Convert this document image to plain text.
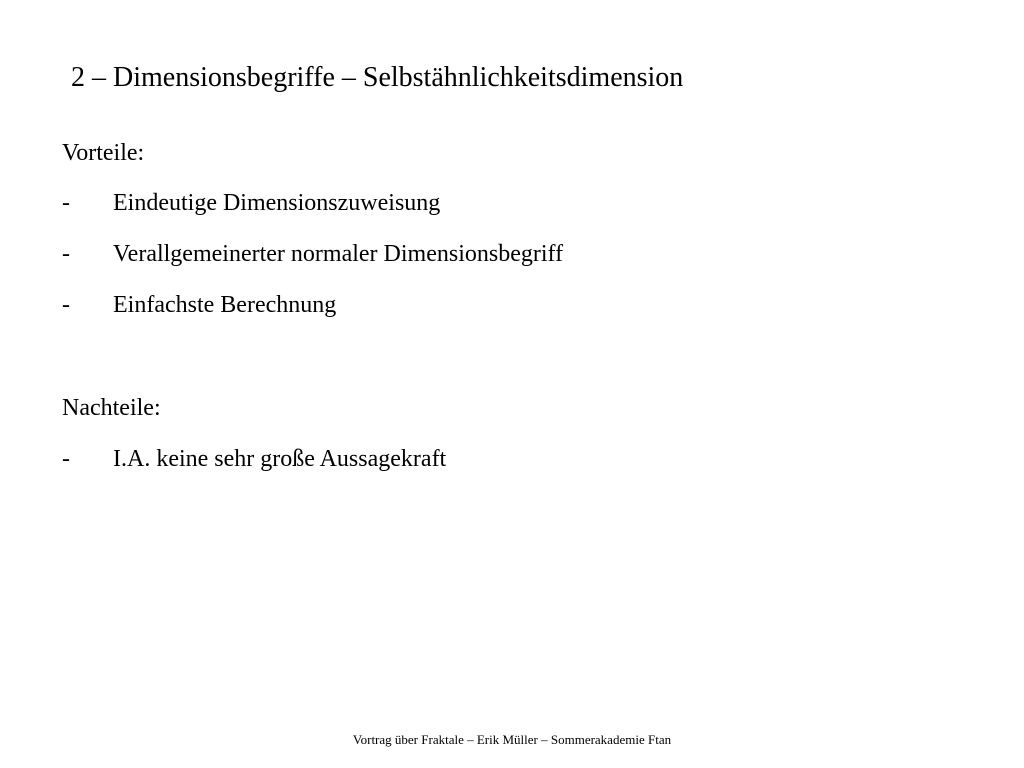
2 – Dimensionsbegriffe – Selbstähnlichkeitsdimension
Vorteile:
- Eindeutige Dimensionszuweisung
- Verallgemeinerter normaler Dimensionsbegriff
- Einfachste Berechnung
Nachteile:
- I.A. keine sehr große Aussagekraft
Vortrag über Fraktale – Erik Müller – Sommerakademie Ftan
